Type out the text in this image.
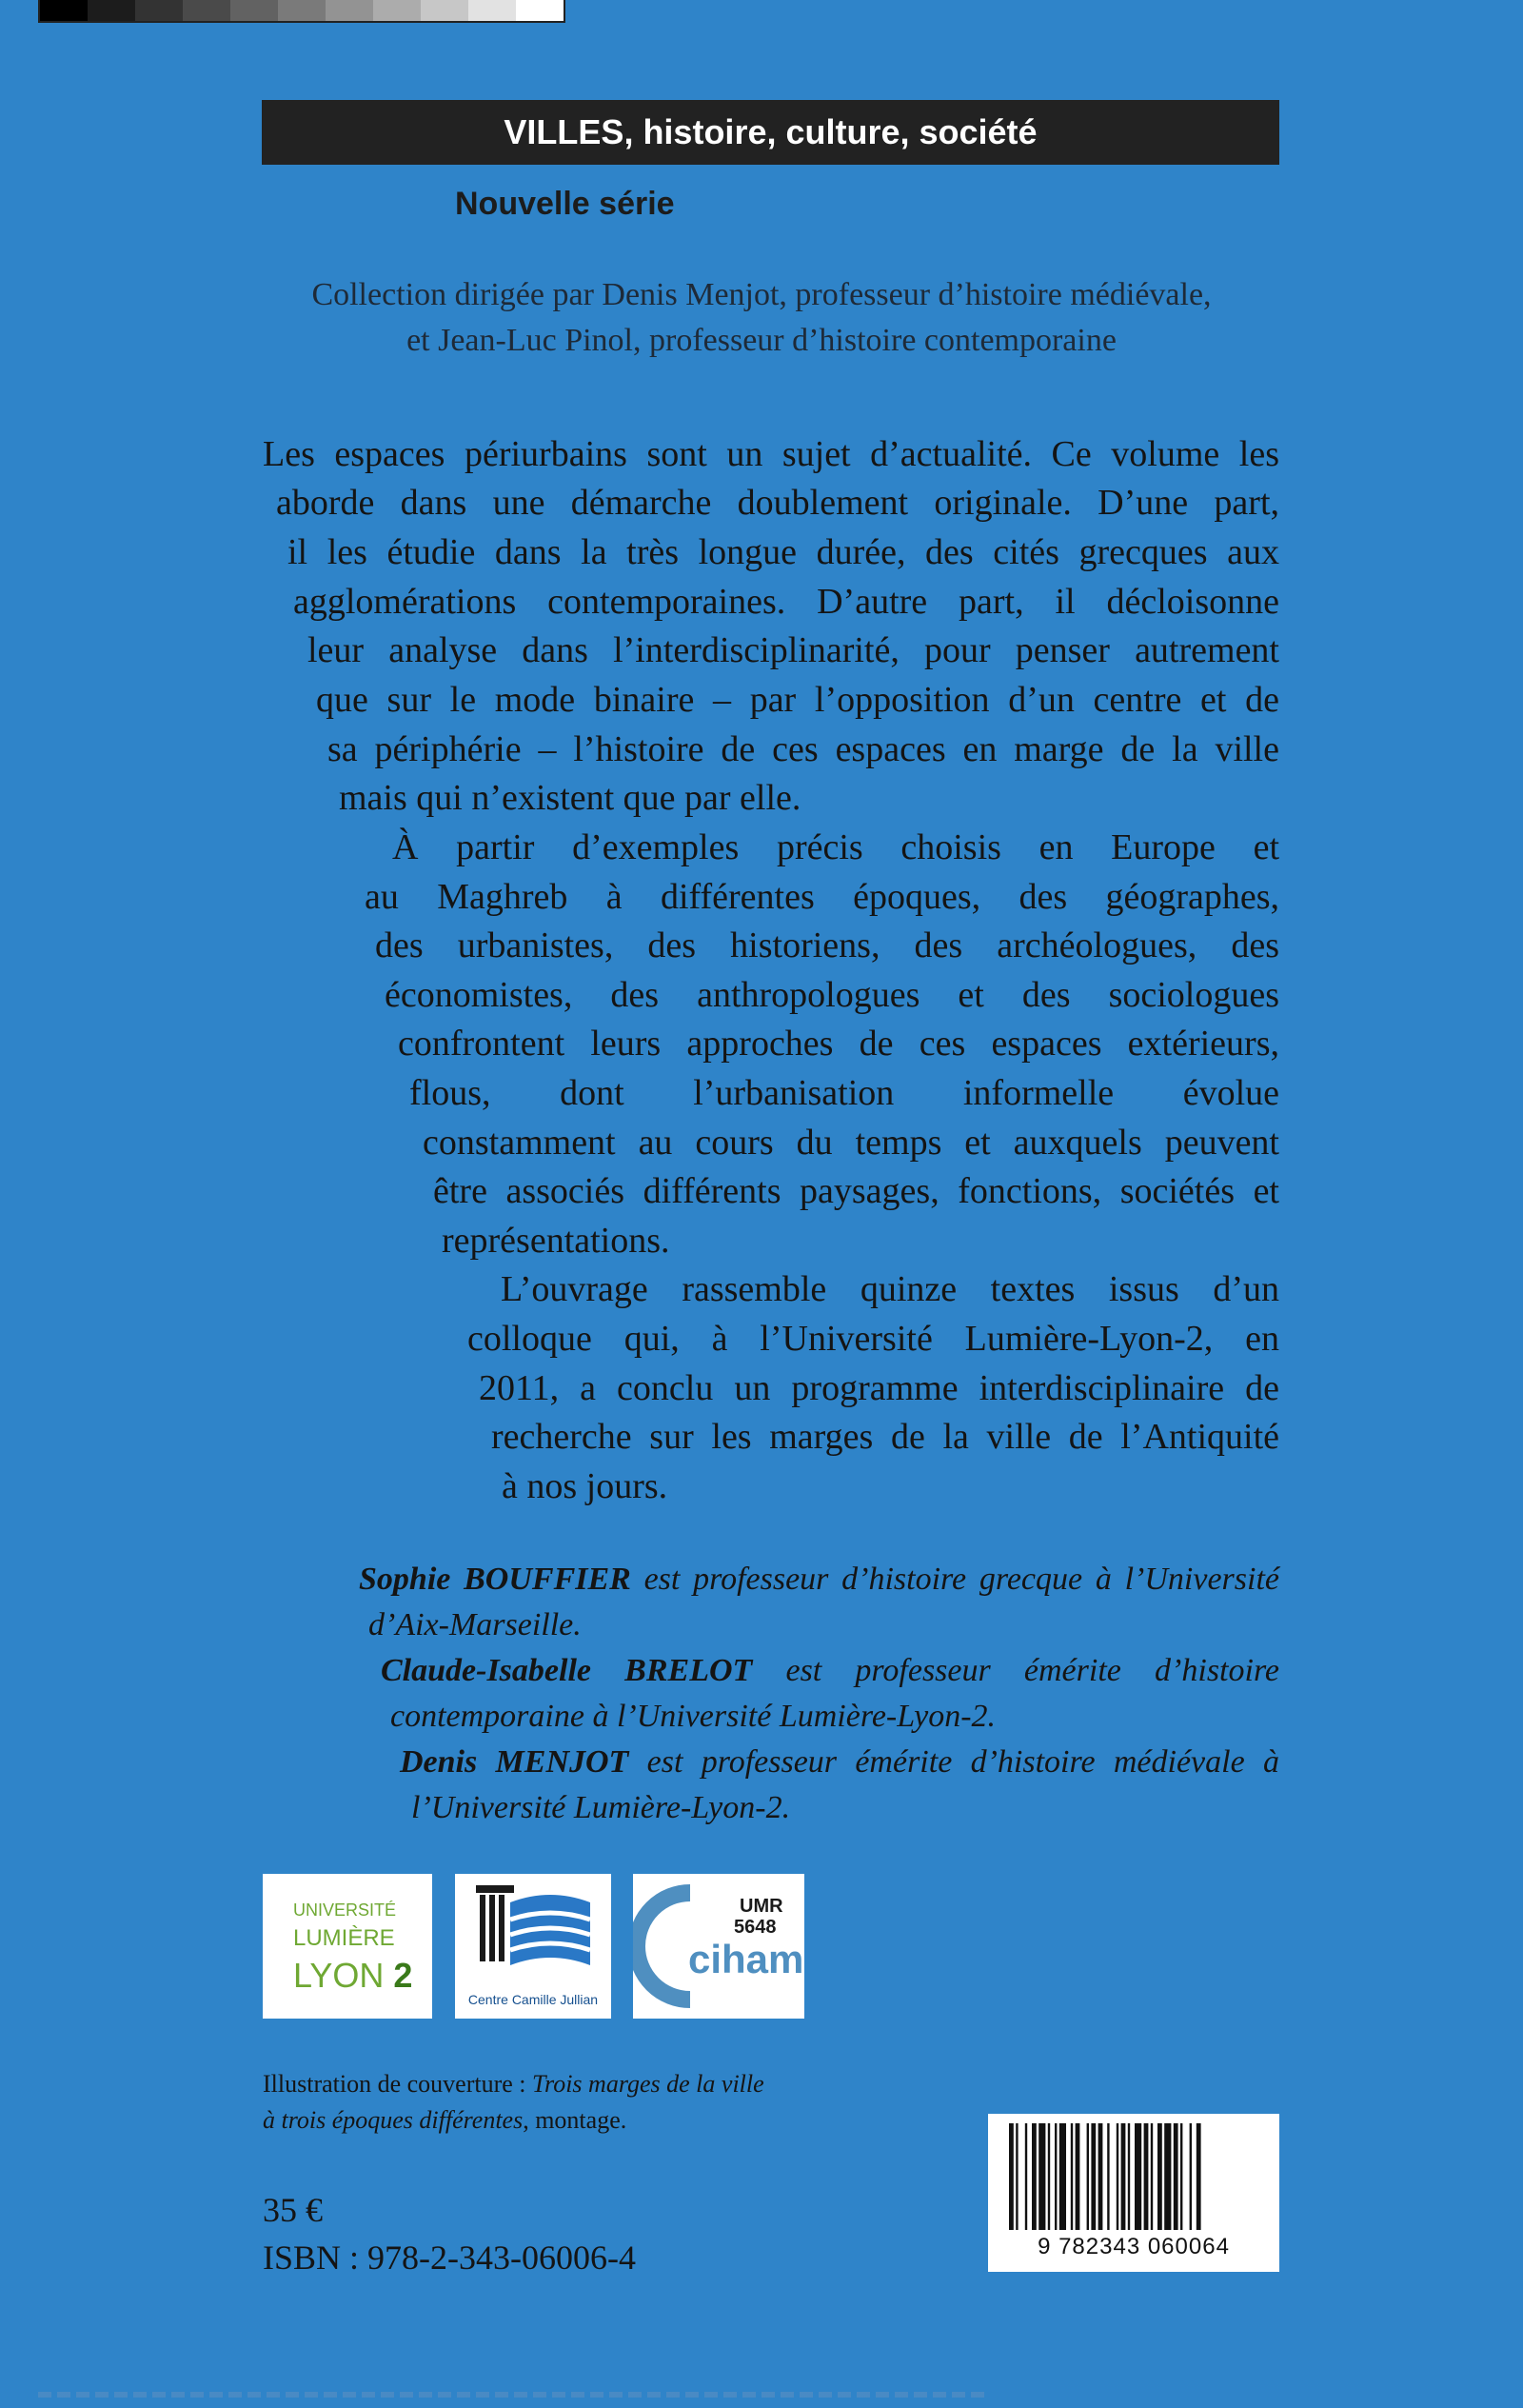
VILLES, histoire, culture, société
Nouvelle série
Collection dirigée par Denis Menjot, professeur d’histoire médiévale,
et Jean-Luc Pinol, professeur d’histoire contemporaine
Les espaces périurbains sont un sujet d’actualité. Ce volume les
aborde dans une démarche doublement originale. D’une part,
il les étudie dans la très longue durée, des cités grecques aux
agglomérations contemporaines. D’autre part, il décloisonne
leur analyse dans l’interdisciplinarité, pour penser autrement
que sur le mode binaire – par l’opposition d’un centre et de
sa périphérie – l’histoire de ces espaces en marge de la ville
mais qui n’existent que par elle.
À partir d’exemples précis choisis en Europe et
au Maghreb à différentes époques, des géographes,
des urbanistes, des historiens, des archéologues, des
économistes, des anthropologues et des sociologues
confrontent leurs approches de ces espaces extérieurs,
flous, dont l’urbanisation informelle évolue
constamment au cours du temps et auxquels peuvent
être associés différents paysages, fonctions, sociétés et
représentations.
L’ouvrage rassemble quinze textes issus d’un
colloque qui, à l’Université Lumière-Lyon-2, en
2011, a conclu un programme interdisciplinaire de
recherche sur les marges de la ville de l’Antiquité
à nos jours.
Sophie BOUFFIER est professeur d’histoire grecque à l’Université
d’Aix-Marseille.
Claude-Isabelle BRELOT est professeur émérite d’histoire
contemporaine à l’Université Lumière-Lyon-2.
Denis MENJOT est professeur émérite d’histoire médiévale à
l’Université Lumière-Lyon-2.
UNIVERSITÉ
LUMIÈRE
LYON 2
Centre Camille Jullian
UMR
5648
ciham
Illustration de couverture : Trois marges de la ville
à trois époques différentes, montage.
35 €
ISBN : 978-2-343-06006-4	9 782343 060064
